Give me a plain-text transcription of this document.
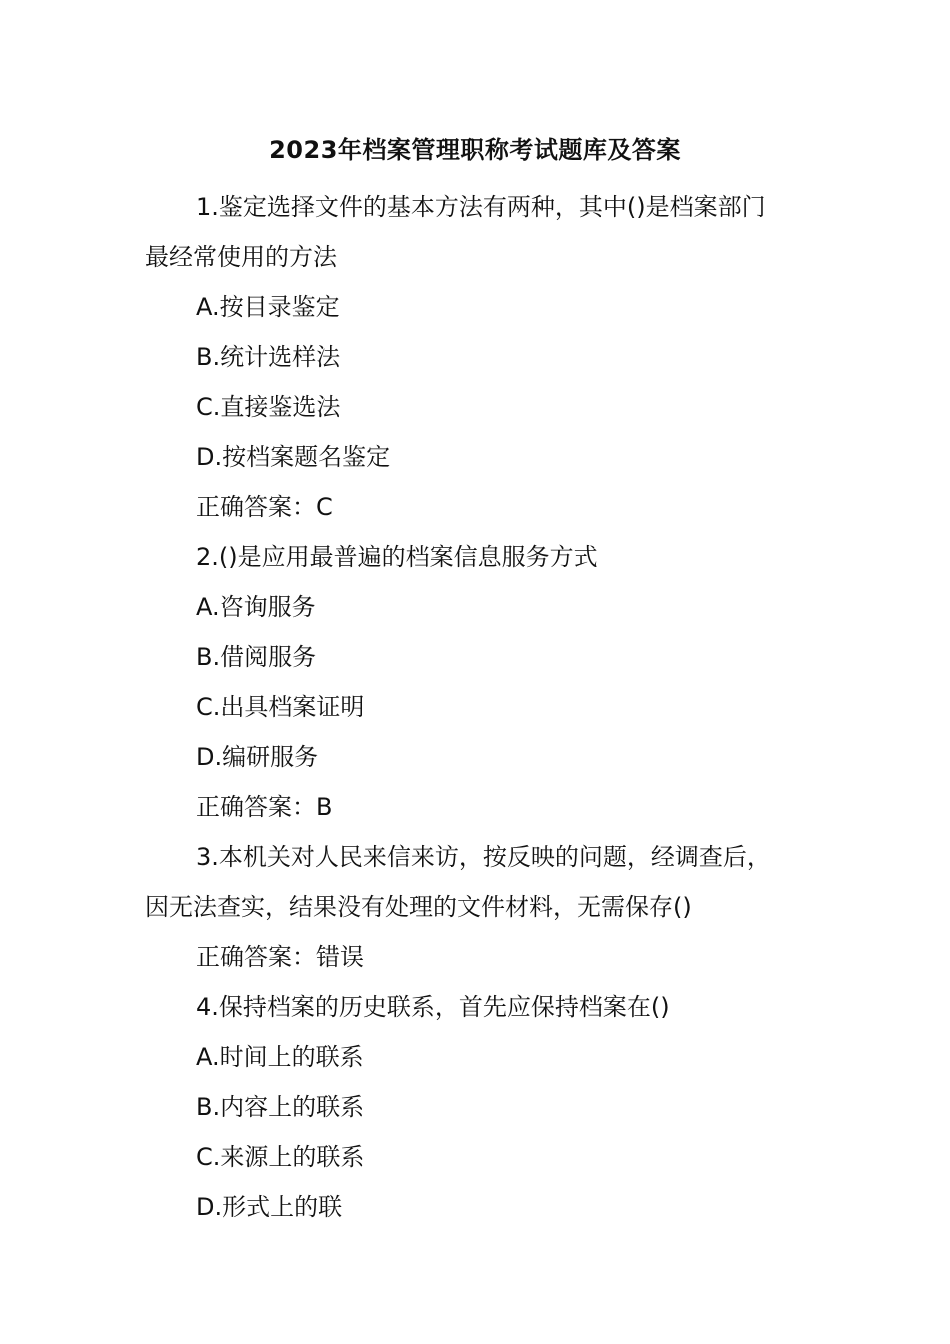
2023年档案管理职称考试题库及答案
1.鉴定选择文件的基本方法有两种，其中()是档案部门
最经常使用的方法
A.按目录鉴定
B.统计选样法
C.直接鉴选法
D.按档案题名鉴定
正确答案：C
2.()是应用最普遍的档案信息服务方式
A.咨询服务
B.借阅服务
C.出具档案证明
D.编研服务
正确答案：B
3.本机关对人民来信来访，按反映的问题，经调查后，
因无法查实，结果没有处理的文件材料，无需保存()
正确答案：错误
4.保持档案的历史联系，首先应保持档案在()
A.时间上的联系
B.内容上的联系
C.来源上的联系
D.形式上的联
